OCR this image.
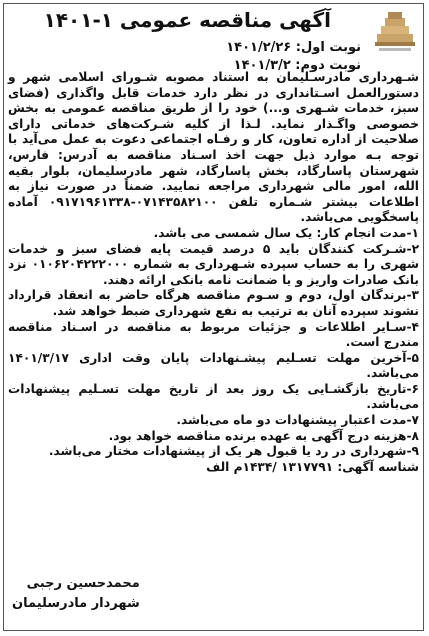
آگهی مناقصه عمومی ۱-۱۴۰۱
نوبت اول: ۱۴۰۱/۲/۲۶
نوبت دوم: ۱۴۰۱/۳/۲

شـهرداری مادرسـلیمان به استناد مصوبه شـورای اسلامی شهر و دستورالعمل اسـتانداری در نظر دارد خدمات قابل واگذاری (فضای سبز، خدمات شـهری و...) خود را از طریق مناقصه عمومی به بخش خصوصی واگـذار نماید. لـذا از کلیه شـرکت‌های خدماتی دارای صلاحیت از اداره تعاون، کار و رفـاه اجتماعی دعوت به عمل می‌آید با توجه بـه موارد ذیل جهت اخذ اسـناد مناقصه به آدرس: فارس، شهرستان پاسارگاد، بخش پاسارگاد، شهر مادرسلیمان، بلوار بقیه الله، امور مالی شهرداری مراجعه نمایید. ضمناً در صورت نیاز به اطلاعات بیشتر شـماره تلفن ۰۷۱۴۳۵۸۲۱۰۰-۰۹۱۷۱۹۶۱۳۳۸ آماده پاسخگویی می‌باشد.

۱-مدت انجام کار: یک سال شمسی می باشد.

۲-شـرکت کنندگان باید ۵ درصد قیمت پایه فضای سبز و خدمات شهری را به حساب سپرده شـهرداری به شماره ۰۱۰۶۲۰۴۲۲۲۰۰۰ نزد بانک صادرات واریز و یا ضمانت نامه بانکی ارائه دهند.

۳-برندگان اول، دوم و سـوم مناقصه هرگاه حاضر به انعقاد قرارداد نشوند سپرده آنان به ترتیب به نفع شهرداری ضبط خواهد شد.

۴-سـایر اطلاعات و جزئیات مربوط به مناقصه در اسـناد مناقصه مندرج است.

۵-آخرین مهلت تسـلیم پیشـنهادات پایان وقت اداری ۱۴۰۱/۳/۱۷ می‌باشد.

۶-تاریخ بازگشـایی یک روز بعد از تاریخ مهلت تسـلیم پیشنهادات می‌باشد.

۷-مدت اعتبار پیشنهادات دو ماه می‌باشد.

۸-هزینه درج آگهی به عهده برنده مناقصه خواهد بود.

۹-شهرداری در رد یا قبول هر یک از پیشنهادات مختار می‌باشد.

شناسه آگهی: ۱۳۱۷۷۹۱ /۱۴۳۴م الف

محمدحسین رجبی
شهردار مادرسلیمان
